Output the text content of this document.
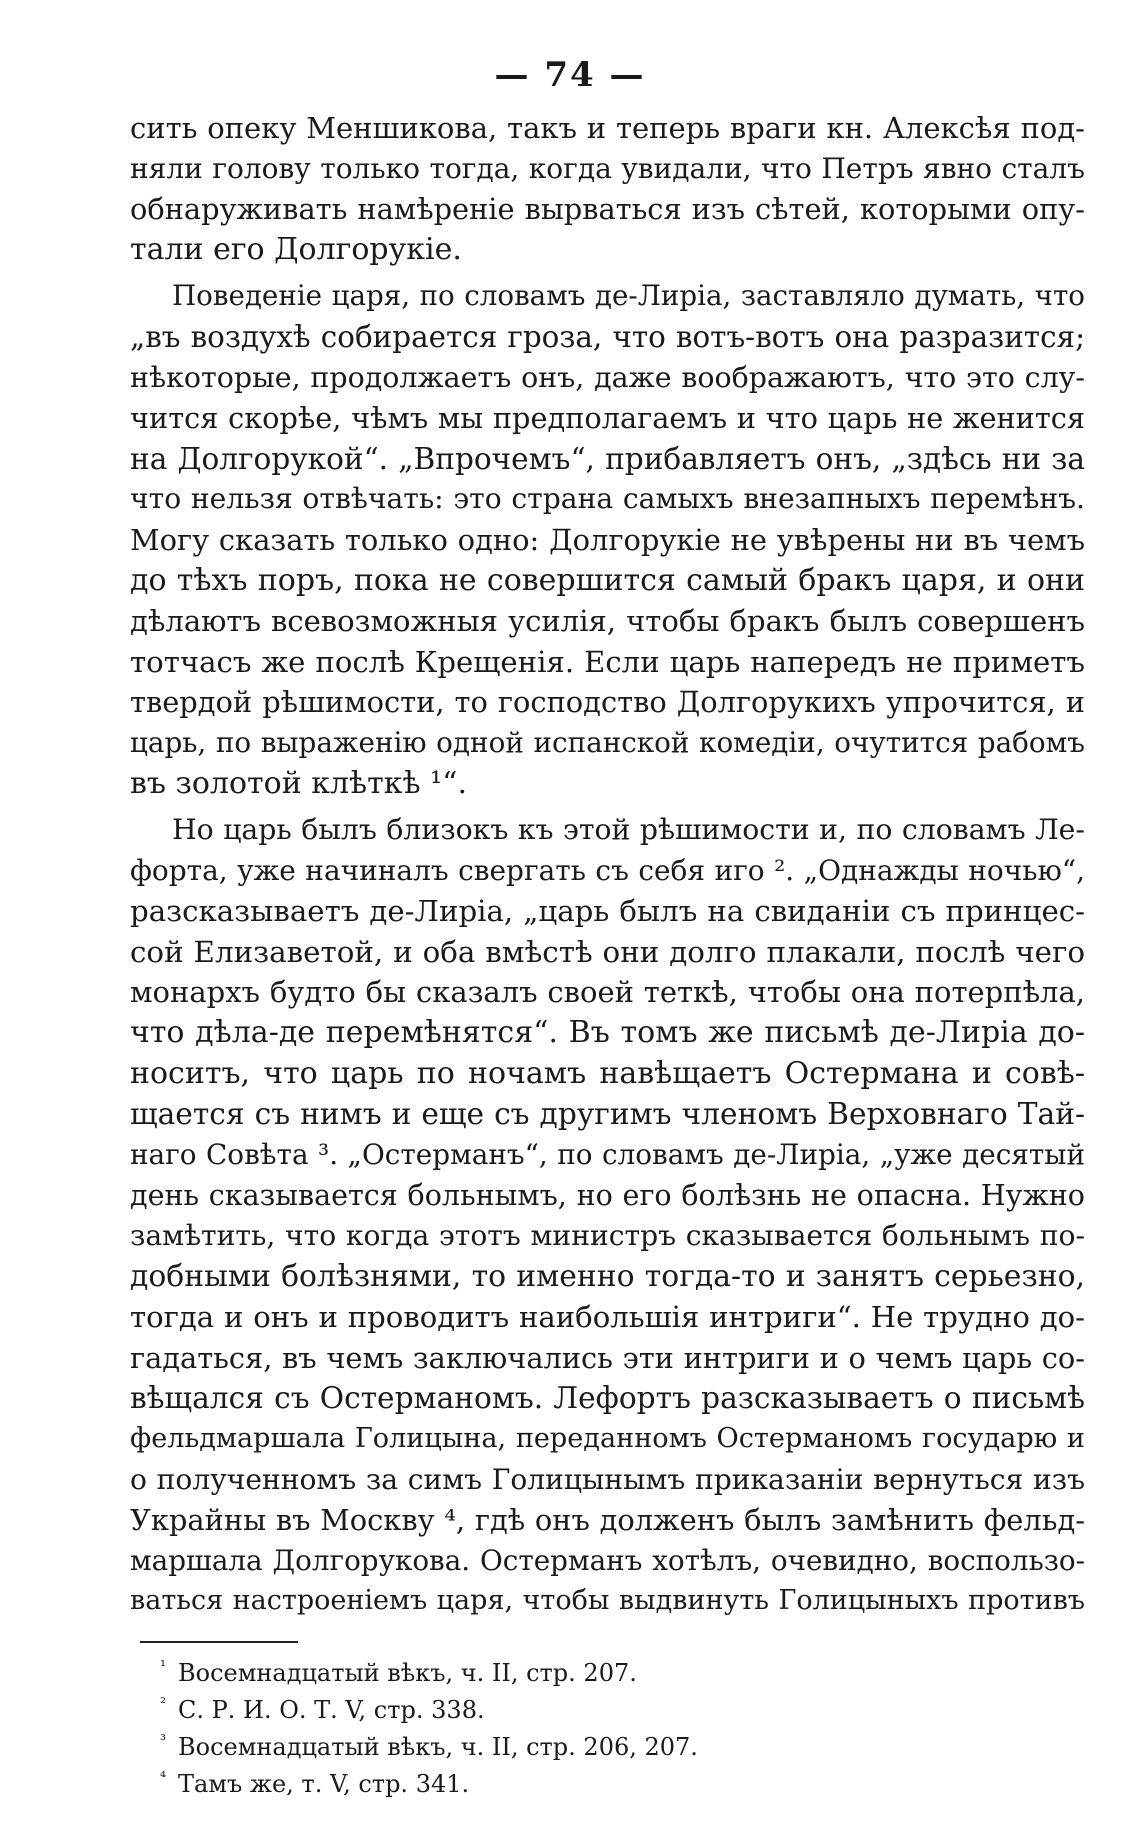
— 74 —
сить опеку Меншикова, такъ и теперь враги кн. Алексѣя под-
няли голову только тогда, когда увидали, что Петръ явно сталъ
обнаруживать намѣреніе вырваться изъ сѣтей, которыми опу-
тали его Долгорукіе.
Поведеніе царя, по словамъ де-Лиріа, заставляло думать, что
„въ воздухѣ собирается гроза, что вотъ-вотъ она разразится;
нѣкоторые, продолжаетъ онъ, даже воображаютъ, что это слу-
чится скорѣе, чѣмъ мы предполагаемъ и что царь не женится
на Долгорукой“. „Впрочемъ“, прибавляетъ онъ, „здѣсь ни за
что нельзя отвѣчать: это страна самыхъ внезапныхъ перемѣнъ.
Могу сказать только одно: Долгорукіе не увѣрены ни въ чемъ
до тѣхъ поръ, пока не совершится самый бракъ царя, и они
дѣлаютъ всевозможныя усилія, чтобы бракъ былъ совершенъ
тотчасъ же послѣ Крещенія. Если царь напередъ не приметъ
твердой рѣшимости, то господство Долгорукихъ упрочится, и
царь, по выраженію одной испанской комедіи, очутится рабомъ
въ золотой клѣткѣ ¹“.
Но царь былъ близокъ къ этой рѣшимости и, по словамъ Ле-
форта, уже начиналъ свергать съ себя иго ². „Однажды ночью“,
разсказываетъ де-Лиріа, „царь былъ на свиданіи съ принцес-
сой Елизаветой, и оба вмѣстѣ они долго плакали, послѣ чего
монархъ будто бы сказалъ своей теткѣ, чтобы она потерпѣла,
что дѣла-де перемѣнятся“. Въ томъ же письмѣ де-Лиріа до-
носитъ, что царь по ночамъ навѣщаетъ Остермана и совѣ-
щается съ нимъ и еще съ другимъ членомъ Верховнаго Тай-
наго Совѣта ³. „Остерманъ“, по словамъ де-Лиріа, „уже десятый
день сказывается больнымъ, но его болѣзнь не опасна. Нужно
замѣтить, что когда этотъ министръ сказывается больнымъ по-
добными болѣзнями, то именно тогда-то и занятъ серьезно,
тогда и онъ и проводитъ наибольшія интриги“. Не трудно до-
гадаться, въ чемъ заключались эти интриги и о чемъ царь со-
вѣщался съ Остерманомъ. Лефортъ разсказываетъ о письмѣ
фельдмаршала Голицына, переданномъ Остерманомъ государю и
о полученномъ за симъ Голицынымъ приказаніи вернуться изъ
Украйны въ Москву ⁴, гдѣ онъ долженъ былъ замѣнить фельд-
маршала Долгорукова. Остерманъ хотѣлъ, очевидно, воспользо-
ваться настроеніемъ царя, чтобы выдвинуть Голицыныхъ противъ
¹ Восемнадцатый вѣкъ, ч. II, стр. 207.
² С. Р. И. О. Т. V, стр. 338.
³ Восемнадцатый вѣкъ, ч. II, стр. 206, 207.
⁴ Тамъ же, т. V, стр. 341.
